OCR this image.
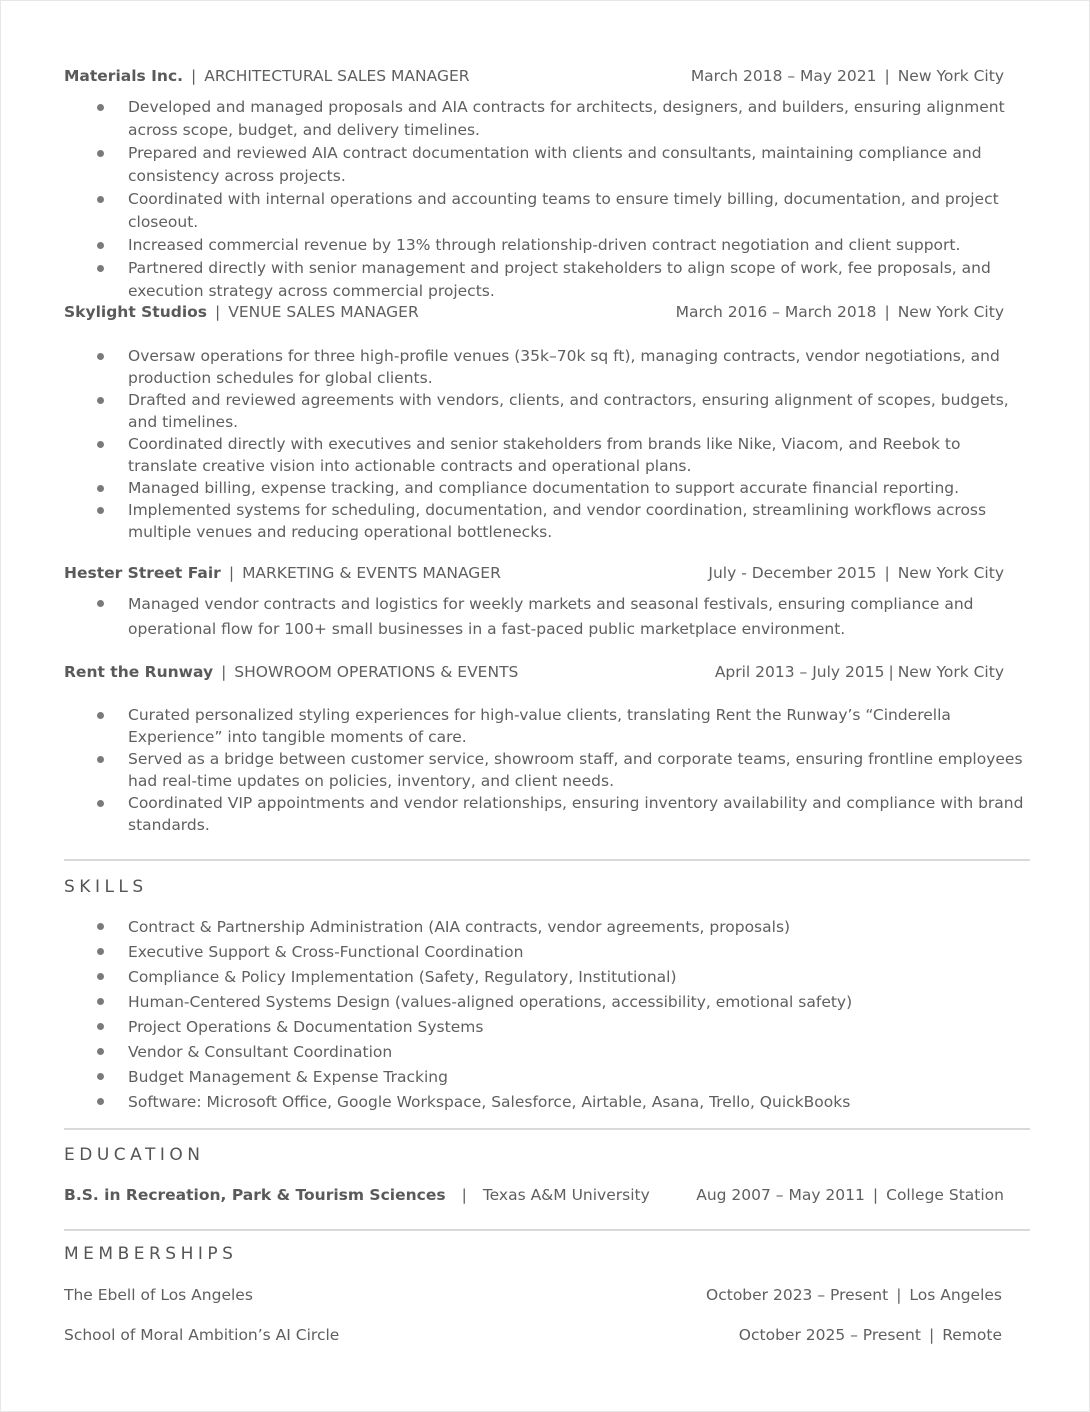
Materials Inc. | ARCHITECTURAL SALES MANAGER	March 2018 – May 2021 | New York City
Developed and managed proposals and AIA contracts for architects, designers, and builders, ensuring alignment across scope, budget, and delivery timelines.
Prepared and reviewed AIA contract documentation with clients and consultants, maintaining compliance and consistency across projects.
Coordinated with internal operations and accounting teams to ensure timely billing, documentation, and project closeout.
Increased commercial revenue by 13% through relationship-driven contract negotiation and client support.
Partnered directly with senior management and project stakeholders to align scope of work, fee proposals, and execution strategy across commercial projects.
Skylight Studios | VENUE SALES MANAGER	March 2016 – March 2018 | New York City
Oversaw operations for three high-profile venues (35k–70k sq ft), managing contracts, vendor negotiations, and production schedules for global clients.
Drafted and reviewed agreements with vendors, clients, and contractors, ensuring alignment of scopes, budgets, and timelines.
Coordinated directly with executives and senior stakeholders from brands like Nike, Viacom, and Reebok to translate creative vision into actionable contracts and operational plans.
Managed billing, expense tracking, and compliance documentation to support accurate financial reporting.
Implemented systems for scheduling, documentation, and vendor coordination, streamlining workflows across multiple venues and reducing operational bottlenecks.
Hester Street Fair | MARKETING & EVENTS MANAGER	July - December 2015 | New York City
Managed vendor contracts and logistics for weekly markets and seasonal festivals, ensuring compliance and operational flow for 100+ small businesses in a fast-paced public marketplace environment.
Rent the Runway | SHOWROOM OPERATIONS & EVENTS	April 2013 – July 2015 | New York City
Curated personalized styling experiences for high-value clients, translating Rent the Runway’s “Cinderella Experience” into tangible moments of care.
Served as a bridge between customer service, showroom staff, and corporate teams, ensuring frontline employees had real-time updates on policies, inventory, and client needs.
Coordinated VIP appointments and vendor relationships, ensuring inventory availability and compliance with brand standards.
SKILLS
Contract & Partnership Administration (AIA contracts, vendor agreements, proposals)
Executive Support & Cross-Functional Coordination
Compliance & Policy Implementation (Safety, Regulatory, Institutional)
Human-Centered Systems Design (values-aligned operations, accessibility, emotional safety)
Project Operations & Documentation Systems
Vendor & Consultant Coordination
Budget Management & Expense Tracking
Software: Microsoft Office, Google Workspace, Salesforce, Airtable, Asana, Trello, QuickBooks
EDUCATION
B.S. in Recreation, Park & Tourism Sciences | Texas A&M University	Aug 2007 – May 2011 | College Station
MEMBERSHIPS
The Ebell of Los Angeles	October 2023 – Present | Los Angeles
School of Moral Ambition’s AI Circle	October 2025 – Present | Remote
